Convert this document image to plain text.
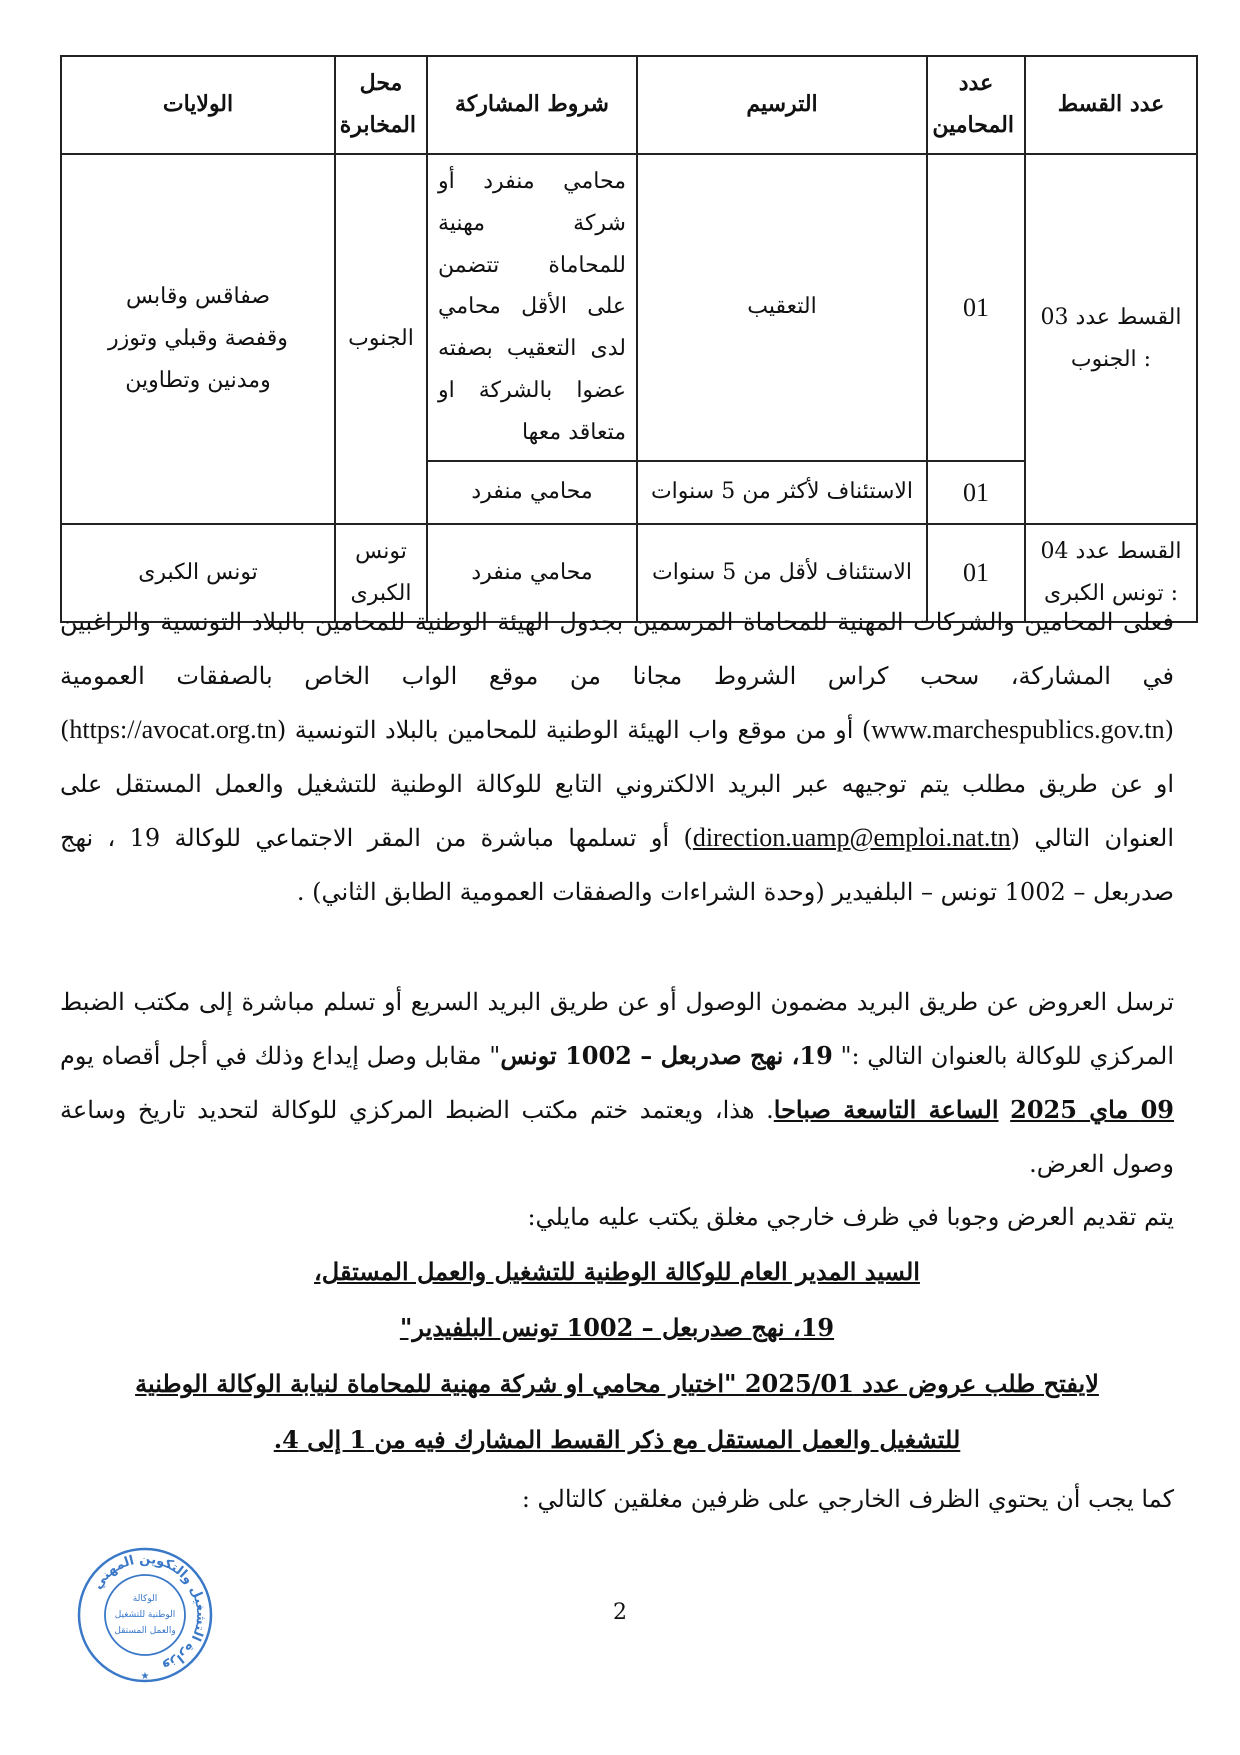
عدد القسط	عدد المحامين	الترسيم	شروط المشاركة	محل المخابرة	الولايات
القسط عدد 03 : الجنوب	01	التعقيب	محامي منفرد أو شركة مهنية للمحاماة تتضمن على الأقل محامي لدى التعقيب بصفته عضوا بالشركة او متعاقد معها	الجنوب	صفاقس وقابس وقفصة وقبلي وتوزر ومدنين وتطاوين
	01	الاستئناف لأكثر من 5 سنوات	محامي منفرد		
القسط عدد 04 : تونس الكبرى	01	الاستئناف لأقل من 5 سنوات	محامي منفرد	تونس الكبرى	تونس الكبرى
فعلى المحامين والشركات المهنية للمحاماة المرسمين بجدول الهيئة الوطنية للمحامين بالبلاد التونسية والراغبين في المشاركة، سحب كراس الشروط مجانا من موقع الواب الخاص بالصفقات العمومية (www.marchespublics.gov.tn) أو من موقع واب الهيئة الوطنية للمحامين بالبلاد التونسية (https://avocat.org.tn) او عن طريق مطلب يتم توجيهه عبر البريد الالكتروني التابع للوكالة الوطنية للتشغيل والعمل المستقل على العنوان التالي (direction.uamp@emploi.nat.tn) أو تسلمها مباشرة من المقر الاجتماعي للوكالة 19 ، نهج صدربعل – 1002 تونس – البلفيدير (وحدة الشراءات والصفقات العمومية الطابق الثاني) .
ترسل العروض عن طريق البريد مضمون الوصول أو عن طريق البريد السريع أو تسلم مباشرة إلى مكتب الضبط المركزي للوكالة بالعنوان التالي :" 19، نهج صدربعل – 1002 تونس" مقابل وصل إيداع وذلك في أجل أقصاه يوم 09 ماي 2025 الساعة التاسعة صباحا. هذا، ويعتمد ختم مكتب الضبط المركزي للوكالة لتحديد تاريخ وساعة وصول العرض.
يتم تقديم العرض وجوبا في ظرف خارجي مغلق يكتب عليه مايلي:
السيد المدير العام للوكالة الوطنية للتشغيل والعمل المستقل،
19، نهج صدربعل – 1002 تونس البلفيدير"
لايفتح طلب عروض عدد 2025/01 "اختيار محامي او شركة مهنية للمحاماة لنيابة الوكالة الوطنية
للتشغيل والعمل المستقل مع ذكر القسط المشارك فيه من 1 إلى 4.
كما يجب أن يحتوي الظرف الخارجي على ظرفين مغلقين كالتالي :
2
وزارة التشغيل والتكوين المهني
الوكالة
الوطنية للتشغيل
والعمل المستقل
★
